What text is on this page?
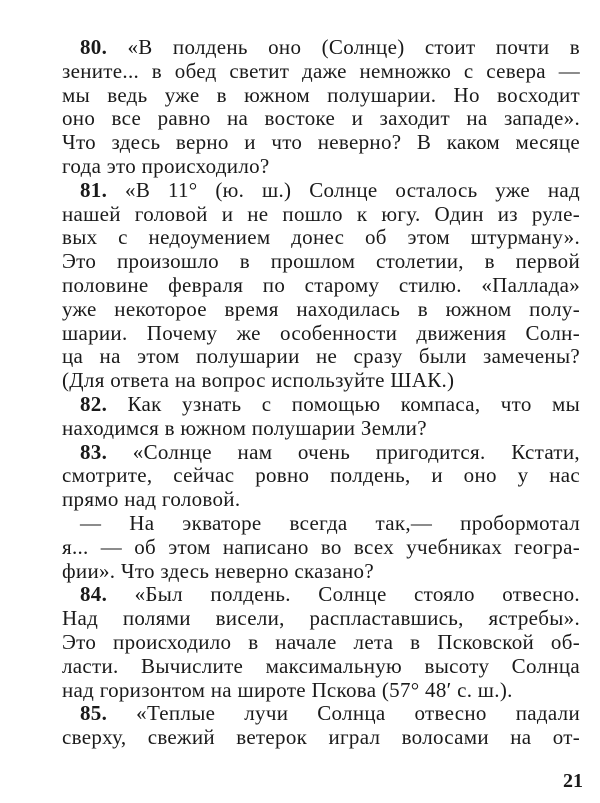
80. «В полдень оно (Солнце) стоит почти в
зените... в обед светит даже немножко с севера —
мы ведь уже в южном полушарии. Но восходит
оно все равно на востоке и заходит на западе».
Что здесь верно и что неверно? В каком месяце
года это происходило?
81. «В 11° (ю. ш.) Солнце осталось уже над
нашей головой и не пошло к югу. Один из руле-
вых с недоумением донес об этом штурману».
Это произошло в прошлом столетии, в первой
половине февраля по старому стилю. «Паллада»
уже некоторое время находилась в южном полу-
шарии. Почему же особенности движения Солн-
ца на этом полушарии не сразу были замечены?
(Для ответа на вопрос используйте ШАК.)
82. Как узнать с помощью компаса, что мы
находимся в южном полушарии Земли?
83. «Солнце нам очень пригодится. Кстати,
смотрите, сейчас ровно полдень, и оно у нас
прямо над головой.
— На экваторе всегда так,— пробормотал
я... — об этом написано во всех учебниках геогра-
фии». Что здесь неверно сказано?
84. «Был полдень. Солнце стояло отвесно.
Над полями висели, распластавшись, ястребы».
Это происходило в начале лета в Псковской об-
ласти. Вычислите максимальную высоту Солнца
над горизонтом на широте Пскова (57° 48′ с. ш.).
85. «Теплые лучи Солнца отвесно падали
сверху, свежий ветерок играл волосами на от-
21
